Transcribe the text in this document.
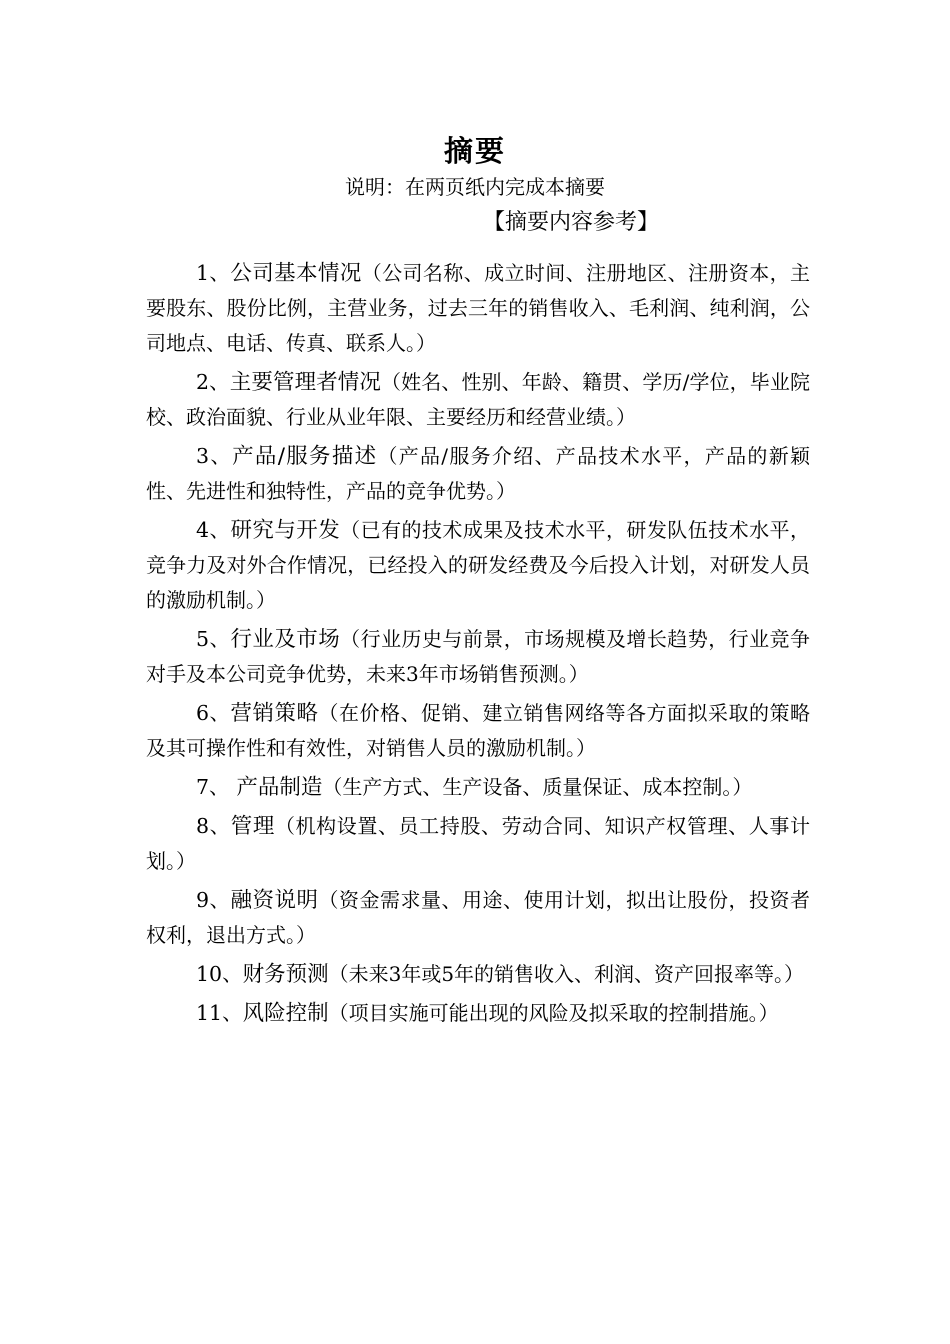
摘要
说明：在两页纸内完成本摘要
【摘要内容参考】

1、公司基本情况（公司名称、成立时间、注册地区、注册资本，主要股东、股份比例，主营业务，过去三年的销售收入、毛利润、纯利润，公司地点、电话、传真、联系人。）

2、主要管理者情况（姓名、性别、年龄、籍贯、学历/学位，毕业院校、政治面貌、行业从业年限、主要经历和经营业绩。）

3、产品/服务描述（产品/服务介绍、产品技术水平，产品的新颖性、先进性和独特性，产品的竞争优势。）

4、研究与开发（已有的技术成果及技术水平，研发队伍技术水平，竞争力及对外合作情况，已经投入的研发经费及今后投入计划，对研发人员的激励机制。）

5、行业及市场（行业历史与前景，市场规模及增长趋势，行业竞争对手及本公司竞争优势，未来3年市场销售预测。）

6、营销策略（在价格、促销、建立销售网络等各方面拟采取的策略及其可操作性和有效性，对销售人员的激励机制。）

7、 产品制造（生产方式、生产设备、质量保证、成本控制。）

8、管理（机构设置、员工持股、劳动合同、知识产权管理、人事计划。）

9、融资说明（资金需求量、用途、使用计划，拟出让股份，投资者权利，退出方式。）

10、财务预测（未来3年或5年的销售收入、利润、资产回报率等。）

11、风险控制（项目实施可能出现的风险及拟采取的控制措施。）
